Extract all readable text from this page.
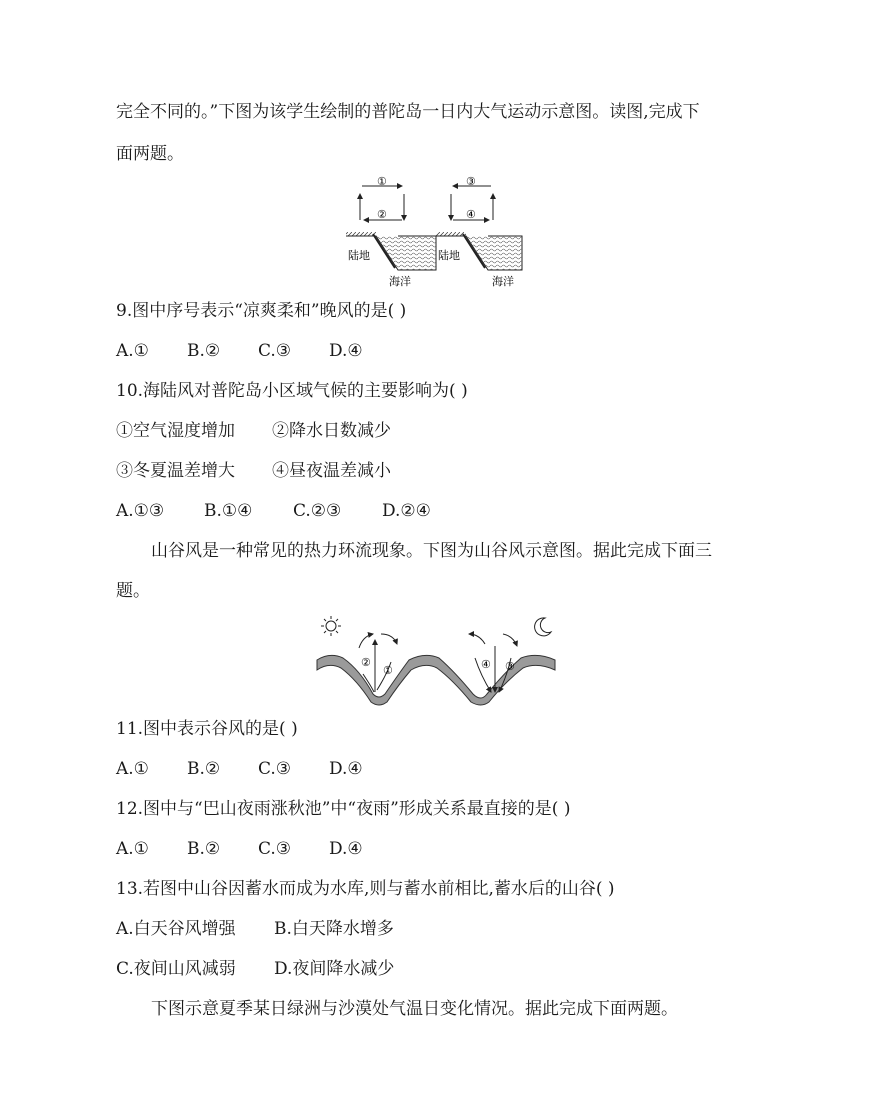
完全不同的。”下图为该学生绘制的普陀岛一日内大气运动示意图。读图,完成下
面两题。
①
②
陆地
海洋
③
④
陆地
海洋
9.图中序号表示“凉爽柔和”晚风的是( )
A.① B.② C.③ D.④
10.海陆风对普陀岛小区域气候的主要影响为( )
①空气湿度增加 ②降水日数减少
③冬夏温差增大 ④昼夜温差减小
A.①③ B.①④ C.②③ D.②④
山谷风是一种常见的热力环流现象。下图为山谷风示意图。据此完成下面三
题。
②
①	④ ③
11.图中表示谷风的是( )
A.① B.② C.③ D.④
12.图中与“巴山夜雨涨秋池”中“夜雨”形成关系最直接的是( )
A.① B.② C.③ D.④
13.若图中山谷因蓄水而成为水库,则与蓄水前相比,蓄水后的山谷( )
A.白天谷风增强 B.白天降水增多
C.夜间山风减弱 D.夜间降水减少
下图示意夏季某日绿洲与沙漠处气温日变化情况。据此完成下面两题。
